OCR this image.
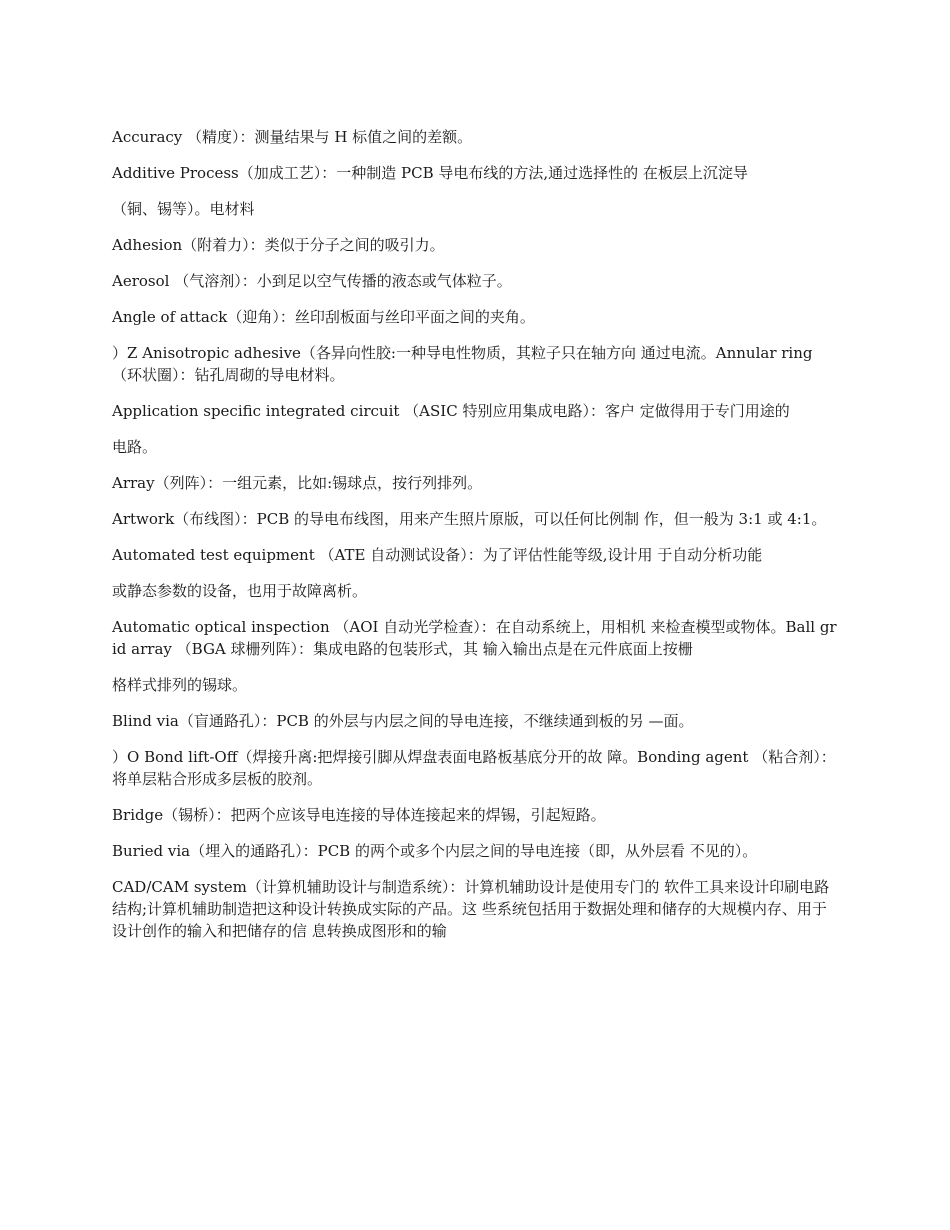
Accuracy （精度）：测量结果与 H 标值之间的差额。

Additive Process（加成工艺）：一种制造 PCB 导电布线的方法,通过选择性的 在板层上沉淀导

（铜、锡等）。电材料

Adhesion（附着力）：类似于分子之间的吸引力。

Aerosol （气溶剂）：小到足以空气传播的液态或气体粒子。

Angle of attack（迎角）：丝印刮板面与丝印平面之间的夹角。

）Z Anisotropic adhesive（各异向性胶:一种导电性物质，其粒子只在轴方向 通过电流。Annular ring（环状圈）：钻孔周砌的导电材料。

Application specific integrated circuit （ASIC 特别应用集成电路）：客户 定做得用于专门用途的

电路。

Array（列阵）：一组元素，比如:锡球点，按行列排列。

Artwork（布线图）：PCB 的导电布线图，用来产生照片原版，可以任何比例制 作，但一般为 3:1 或 4:1。

Automated test equipment （ATE 自动测试设备）：为了评估性能等级,设计用 于自动分析功能

或静态参数的设备，也用于故障离析。

Automatic optical inspection （AOI 自动光学检查）：在自动系统上，用相机 来检查模型或物体。Ball grid array （BGA 球栅列阵）：集成电路的包装形式，其 输入输出点是在元件底面上按栅

格样式排列的锡球。

Blind via（盲通路孔）：PCB 的外层与内层之间的导电连接，不继续通到板的另 —面。

）O Bond lift-Off（焊接升离:把焊接引脚从焊盘表面电路板基底分开的故 障。Bonding agent （粘合剂）：将单层粘合形成多层板的胶剂。

Bridge（锡桥）：把两个应该导电连接的导体连接起来的焊锡，引起短路。

Buried via（埋入的通路孔）：PCB 的两个或多个内层之间的导电连接（即，从外层看 不见的）。

CAD/CAM system（计算机辅助设计与制造系统）：计算机辅助设计是使用专门的 软件工具来设计印刷电路结构;计算机辅助制造把这种设计转换成实际的产品。这 些系统包括用于数据处理和储存的大规模内存、用于设计创作的输入和把储存的信 息转换成图形和的输
